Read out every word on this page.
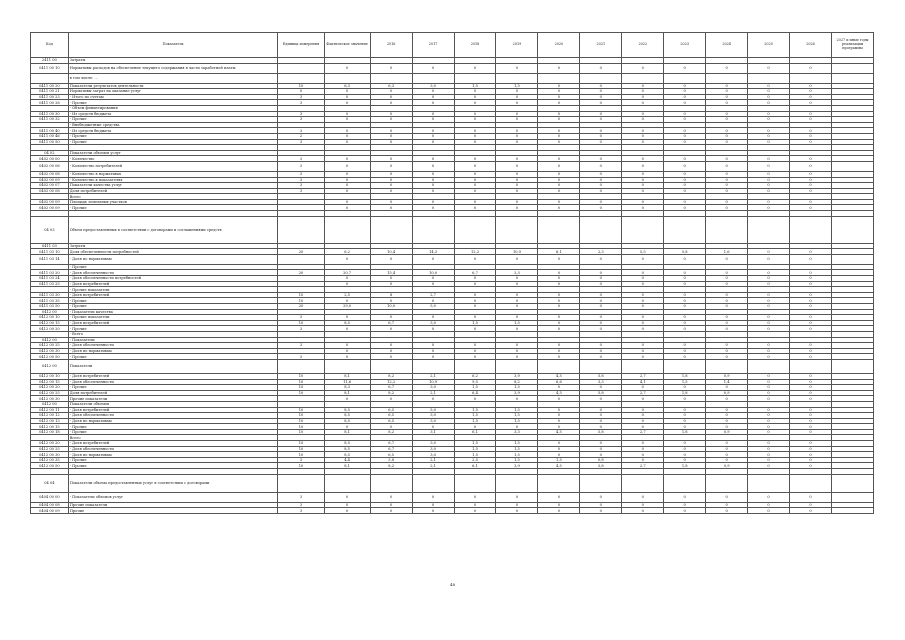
Код	Показатель	Единица измерения	Фактическое значение	2016	2017	2018	2019	2020	2021	2022	2023	2024	2025	2026	2027 и иные годы реализации программы
2411 00	Затраты														
0411 00 10	Нормативы расходов на обеспечение текущего содержания в части заработной платы		0	0	0	0	0	0	0	0	0	0	0	0	
	в том числе: ...														
0411 00 20	Показатели результатов деятельности	10	6,3	6,3	3,0	1,5	1,5	0	0	0	0	0	0	0	
0411 00 21	Нормативы затрат на оказание услуг	0	0	0	0	0	0	0	0	0	0	0	0	0	
0411 00 23	- Итого по счетам	3	0	0	0	0	0	0	0	0	0	0	0	0	
0411 00 26	- Прочие	3	0	0	0	0	0	0	0	0	0	0	0	0	
	- Объем финансирования														
0411 00 30	- Из средств бюджета	3	0	0	0	0	0	0	0	0	0	0	0	0	
0411 00 32	- Прочие	3	0	0	0	0	0	0	0	0	0	0	0	0	
	- Внебюджетные средства														
0411 00 40	- Из средств бюджета	3	0	0	0	0	0	0	0	0	0	0	0	0	
0411 00 46	- Прочие	2	0	0	0	0	0	0	0	0	0	0	0	0	
0411 00 50	- Прочие	3	0	0	0	0	0	0	0	0	0	0	0	0	

04 02	Показатели объемов услуг														
0402 00 00	- Количество	3	0	0	0	0	0	0	0	0	0	0	0	0	
0402 00 06	- Количество потребителей	3	0	0	0	0	0	0	0	0	0	0	0	0	
0402 00 08	- Количество в нормативах	3	0	0	0	0	0	0	0	0	0	0	0	0	
0402 00 09	- Количество в показателях	3	0	0	0	0	0	0	0	0	0	0	0	0	
0402 00 07	Показатели качества услуг	3	0	0	0	0	0	0	0	0	0	0	0	0	
0402 00 08	Доля потребителей	3	0	0	0	0	0	0	0	0	0	0	0	0	
	Всего														
0402 00 09	Площадь земельных участков		0	0	0	0	0	0	0	0	0	0	0	0	
0402 00 09	- Прочие		0	0	0	0	0	0	0	0	0	0	0	0	

04 03	Объем предоставленных в соответствии с договорами и соглашениями средств														
0411 03	Затраты														
0411 03 10	Доля обеспеченности потребностей	20	6,2	10,4	14,3	12,2	10,9	6,1	2,3	5,5	5,8	1,6	0	0	
0411 03 14	- Доля по нормативам		0	0	0	0	0	0	0	0	0	0	0	0	
	- Прочие														
0411 03 20	- Доля обеспеченности	20	20,7	15,4	10,0	6,7	2,3	0	0	0	0	0	0	0	
0411 03 24	- Доля обеспеченности потребностей		0	0	0	0	0	0	0	0	0	0	0	0	
0411 03 25	- Доля потребителей		0	0	0	0	0	0	0	0	0	0	0	0	
	- Прочие показатели														
0411 03 30	- Доля потребителей	10	2,5	8	2,7	0	0	0	0	0	0	0	0	0	
0411 03 35	- Прочие	10	0	0	0	0	0	0	0	0	0	0	0	0	
0411 03 50	- Прочие	20	29,0	10,0	5,0	0	0	0	0	0	0	0	0	0	
0412 00	- Показатели качества														
0412 00 10	- Прочие показатели	3	0	0	0	0	0	0	0	0	0	0	0	0	
0412 00 15	- Доля потребителей	10	8,5	6,7	3,0	1,5	1,5	0	0	0	0	0	0	0	
0412 00 20	- Прочие	3	0	0	0	0	0	0	0	0	0	0	0	0	
	- Всего														
0412 00	- Показатели														
0412 00 25	- Доля обеспеченности	3	0	0	0	0	0	0	0	0	0	0	0	0	
0412 00 30	- Доля по нормативам		0	0	0	0	0	0	0	0	0	0	0	0	
0412 00 50	- Прочие	3	0	0	0	0	0	0	0	0	0	0	0	0	
0412 00	Показатели														
0412 00 10	- Доля потребителей	10	8,1	8,2	2,1	6,2	3,9	4,5	5,8	2,7	1,8	0,9	0	0	
0412 00 15	- Доля обеспеченности	10	11,6	12,2	10,9	9,5	8,2	6,6	3,3	4,1	1,5	1,4	0	0	
0412 00 20	- Прочие	10	8,3	6,7	3,0	1,5	1,5	0	0	0	0	0	0	0	
0412 00 25	Доля потребителей	10	8,1	8,2	2,1	6,4	3,9	4,5	5,8	2,7	1,8	0,9	0	0	
0412 00 30	Прочие показатели		0	0	0	0	0	0	0	0	0	0	0	0	
0412 00	Показатели объемов														
0412 00 11	- Доля потребителей	10	8,5	6,5	5,0	1,5	1,5	0	0	0	0	0	0	0	
0412 00 12	- Доля обеспеченности	10	8,5	6,5	3,0	1,5	1,5	0	0	0	0	0	0	0	
0412 00 13	- Доля по нормативам	10	8,5	6,5	3,0	1,5	1,5	0	0	0	0	0	0	0	
0412 00 15	- Прочие	10	0	0	0	0	0	0	0	0	0	0	0	0	
0412 00 18	- Прочие	10	8,1	8,2	3,1	6,1	3,3	4,5	5,8	2,7	1,8	0,9	0	0	
	Всего														
0412 00 20	- Доля потребителей	10	8,5	6,7	3,0	1,5	1,5	0	0	0	0	0	0	0	
0412 00 25	- Доля обеспеченности	10	8,5	6,7	3,0	1,5	1,5	0	0	0	0	0	0	0	
0412 00 30	- Доля по нормативам	10	8,5	6,5	3,0	1,5	1,5	0	0	0	0	0	0	0	
0412 00 35	- Прочие	3	4,4	3,8	2,1	2,5	1,5	1,5	0,8	0	0	0	0	0	
0412 00 50	- Прочие	10	8,1	8,2	2,1	6,1	3,9	4,5	5,8	2,7	1,8	0,9	0	0	

04 04	Показатели объема предоставленных услуг в соответствии с договорами														
0404 00 00	- Показатели объемов услуг	3	0	0	0	0	0	0	0	0	0	0	0	0	
0404 00 08	Прочие показатели	3	0	0	0	0	0	0	0	0	0	0	0	0	
0404 00 09	Прочие	3	0	0	0	0	0	0	0	0	0	0	0	0	
48
